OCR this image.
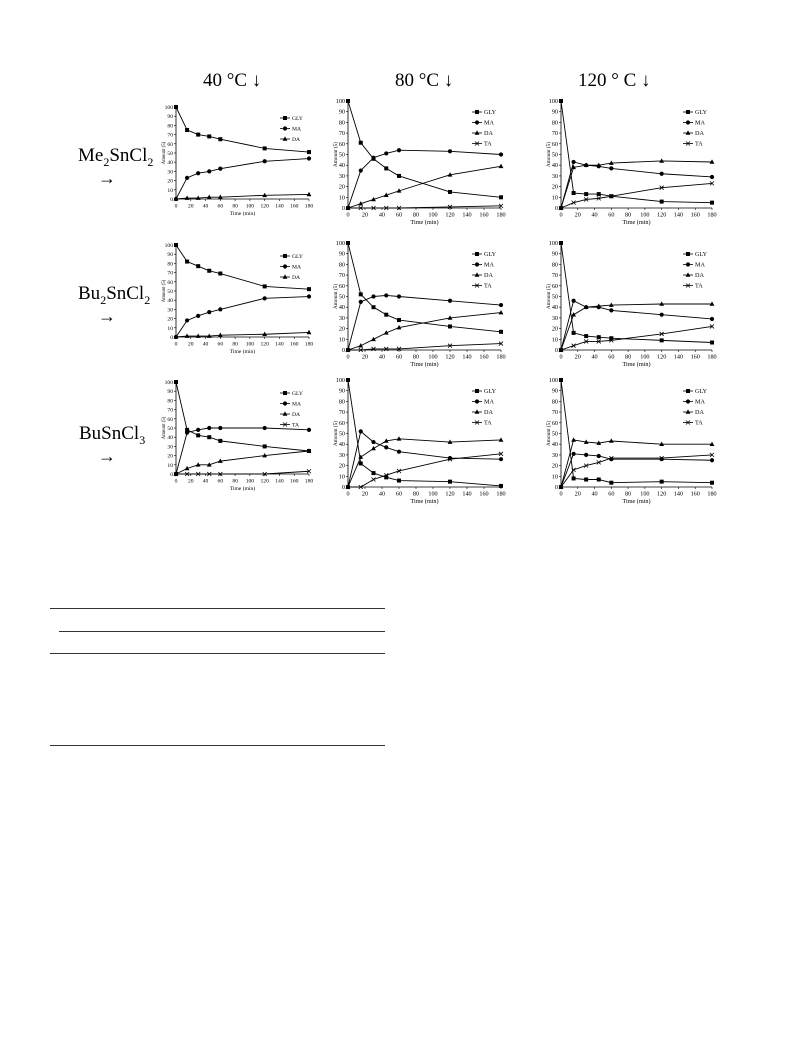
40 °C ↓	80 °C ↓	120 ° C ↓
$Me_2SnCl_2$
→
$Bu_2SnCl_2$
→
BuSnCl$_3$
→
0
10
20
30
40
50
60
70
80
90
100
0 20 40 60 80 100 120 140 160 180
Time (min)
Amount (5)
GLY
MA
DA
0
10
20
30
40
50
60
70
80
90
100
0 20 40 60 80 100 120 140 160 180
Time (min)
Amount (5)
GLY
MA
DA
TA
0
10
20
30
40
50
60
70
80
90
100
0 20 40 60 80 100 120 140 160 180
Time (min)
Amount (5)
GLY
MA
DA
TA
0
10
20
30
40
50
60
70
80
90
100
0 20 40 60 80 100 120 140 160 180
Time (min)
Amount (5)
GLY
MA
DA
0
10
20
30
40
50
60
70
80
90
100
0 20 40 60 80 100 120 140 160 180
Time (min)
Amount (5)
GLY
MA
DA
TA
0
10
20
30
40
50
60
70
80
90
100
0 20 40 60 80 100 120 140 160 180
Time (min)
Amount (5)
GLY
MA
DA
TA
0
10
20
30
40
50
60
70
80
90
100
0 20 40 60 80 100 120 140 160 180
Time (min)
Amount (5)
GLY
MA
DA
TA
0
10
20
30
40
50
60
70
80
90
100
0 20 40 60 80 100 120 140 160 180
Time (min)
Amount (5)
GLY
MA
DA
TA
0
10
20
30
40
50
60
70
80
90
100
0 20 40 60 80 100 120 140 160 180
Time (min)
Amount (5)
GLY
MA
DA
TA
